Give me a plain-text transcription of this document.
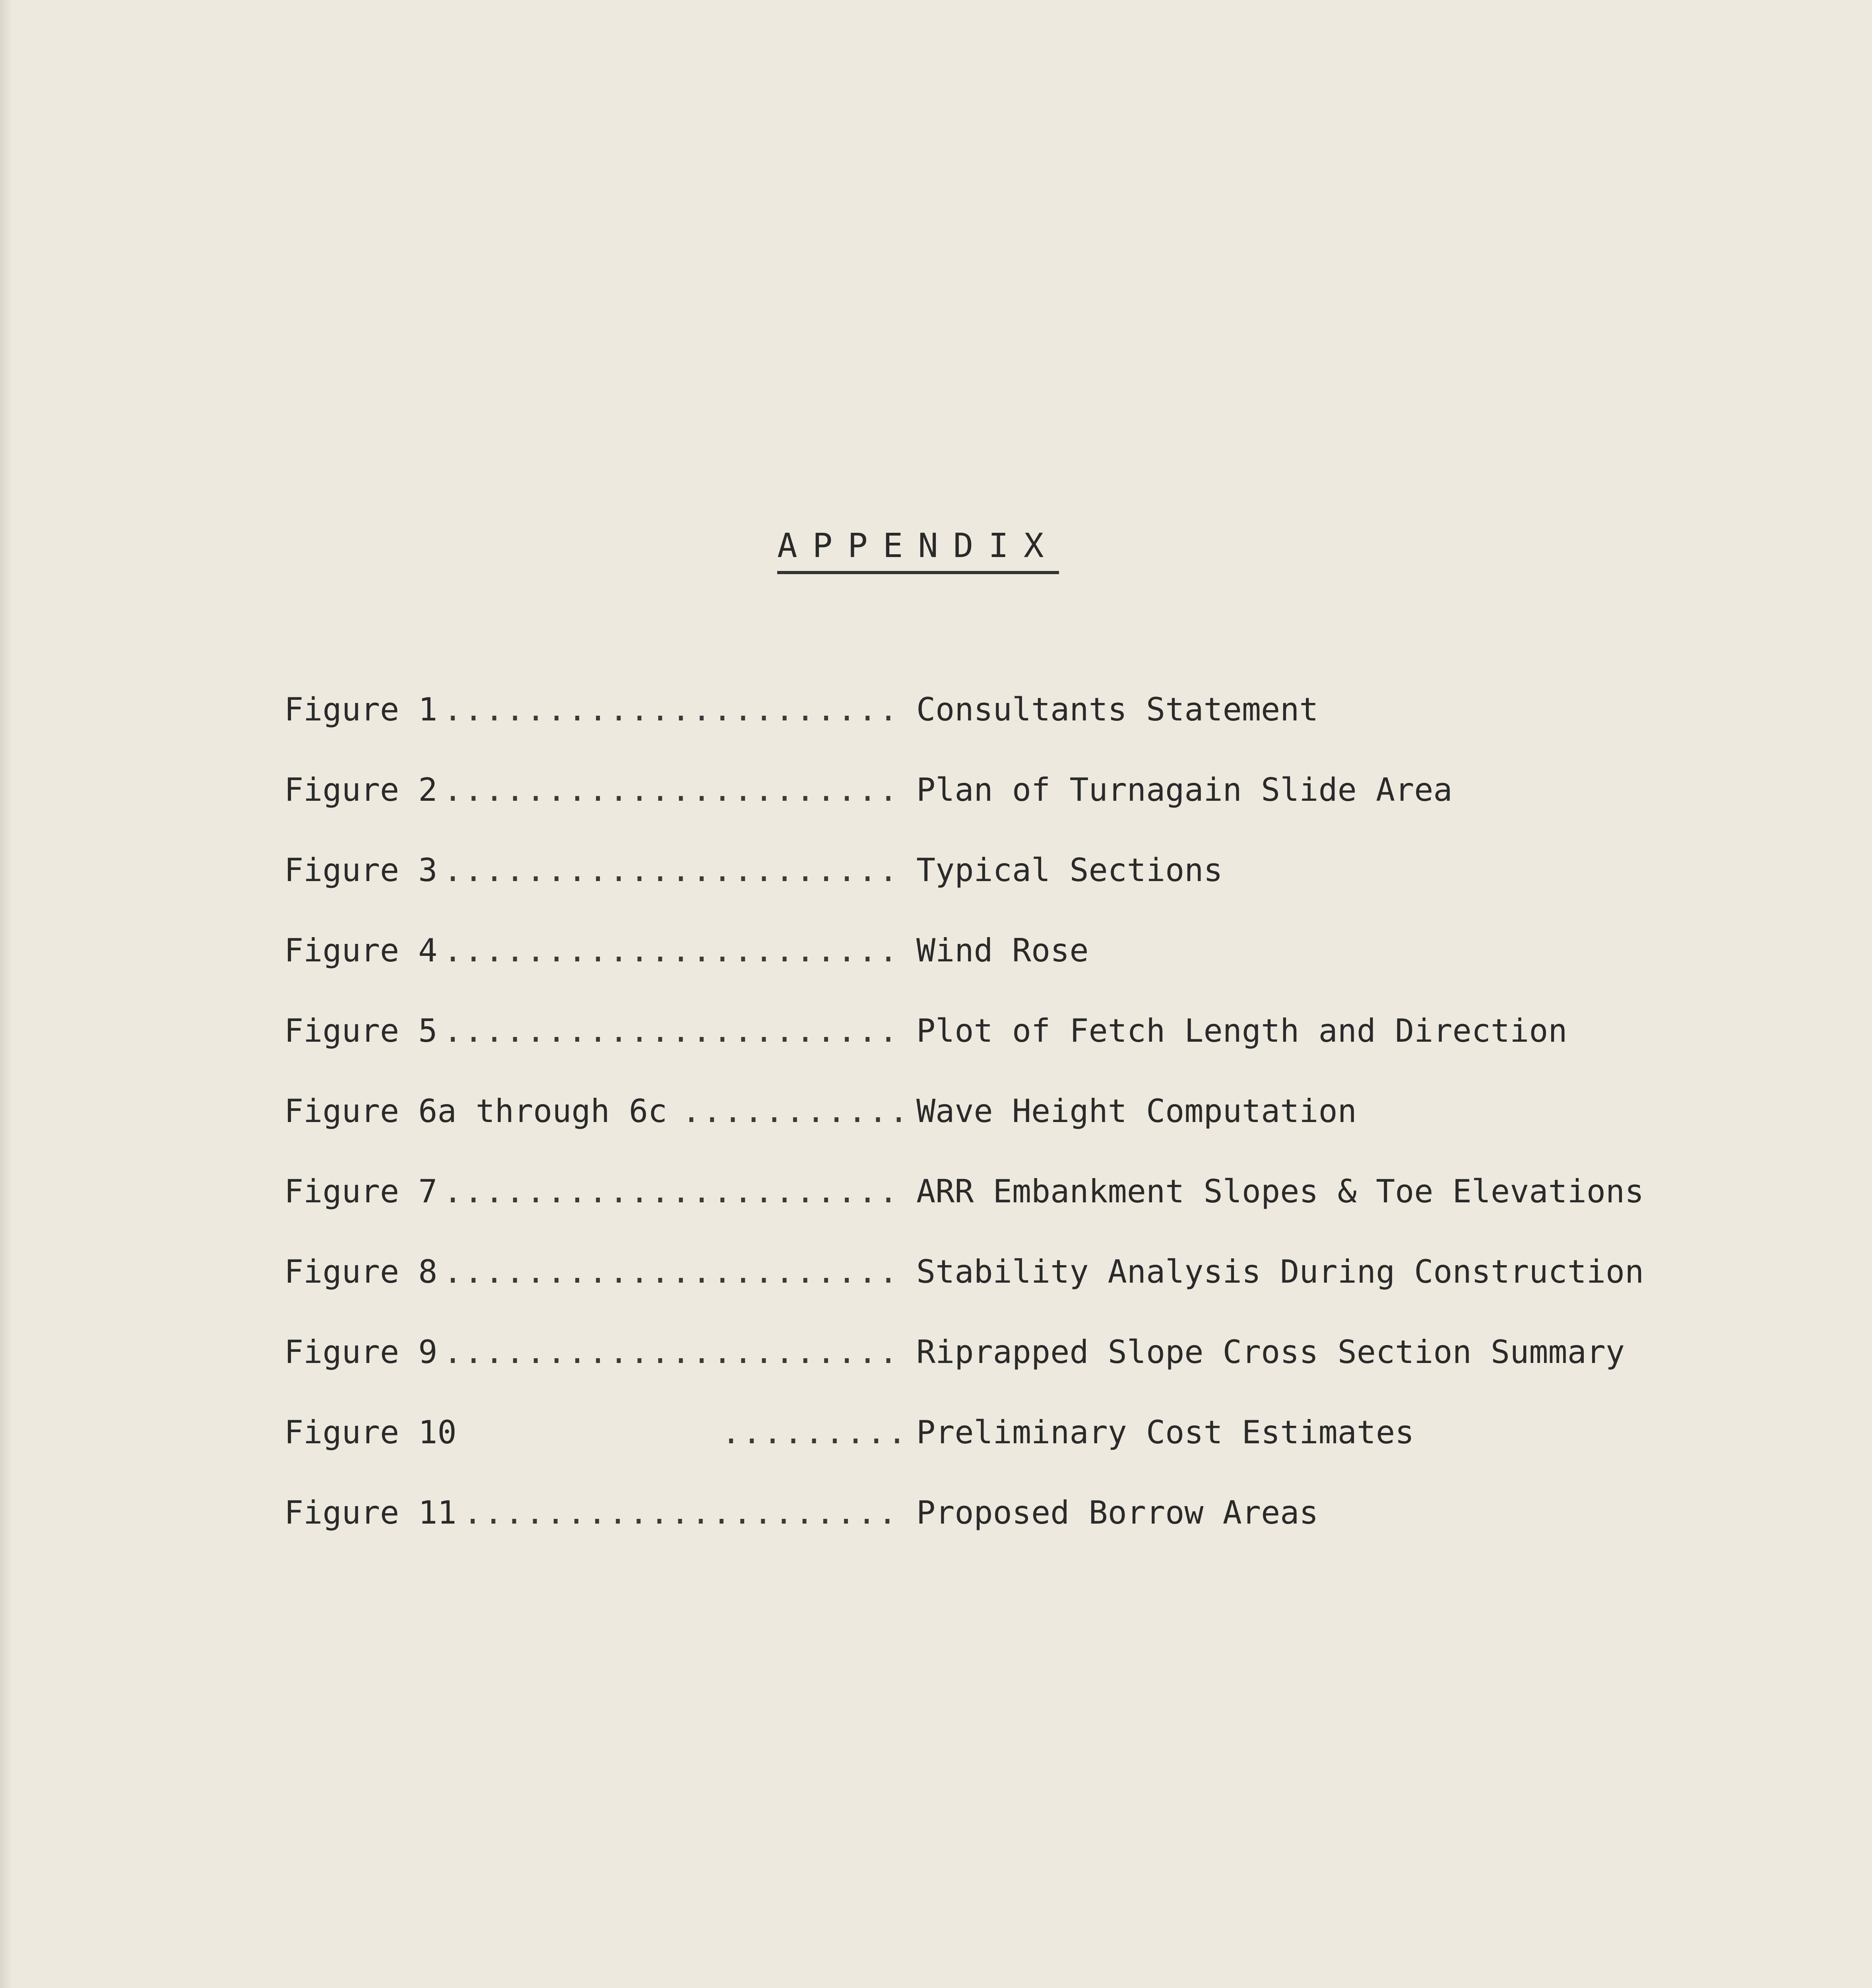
APPENDIX
Figure 1 ...................... Consultants Statement
Figure 2 ...................... Plan of Turnagain Slide Area
Figure 3 ...................... Typical Sections
Figure 4 ...................... Wind Rose
Figure 5 ...................... Plot of Fetch Length and Direction
Figure 6a through 6c ........... Wave Height Computation
Figure 7 ...................... ARR Embankment Slopes & Toe Elevations
Figure 8 ...................... Stability Analysis During Construction
Figure 9 ...................... Riprapped Slope Cross Section Summary
Figure 10	......... Preliminary Cost Estimates
Figure 11 ..................... Proposed Borrow Areas
